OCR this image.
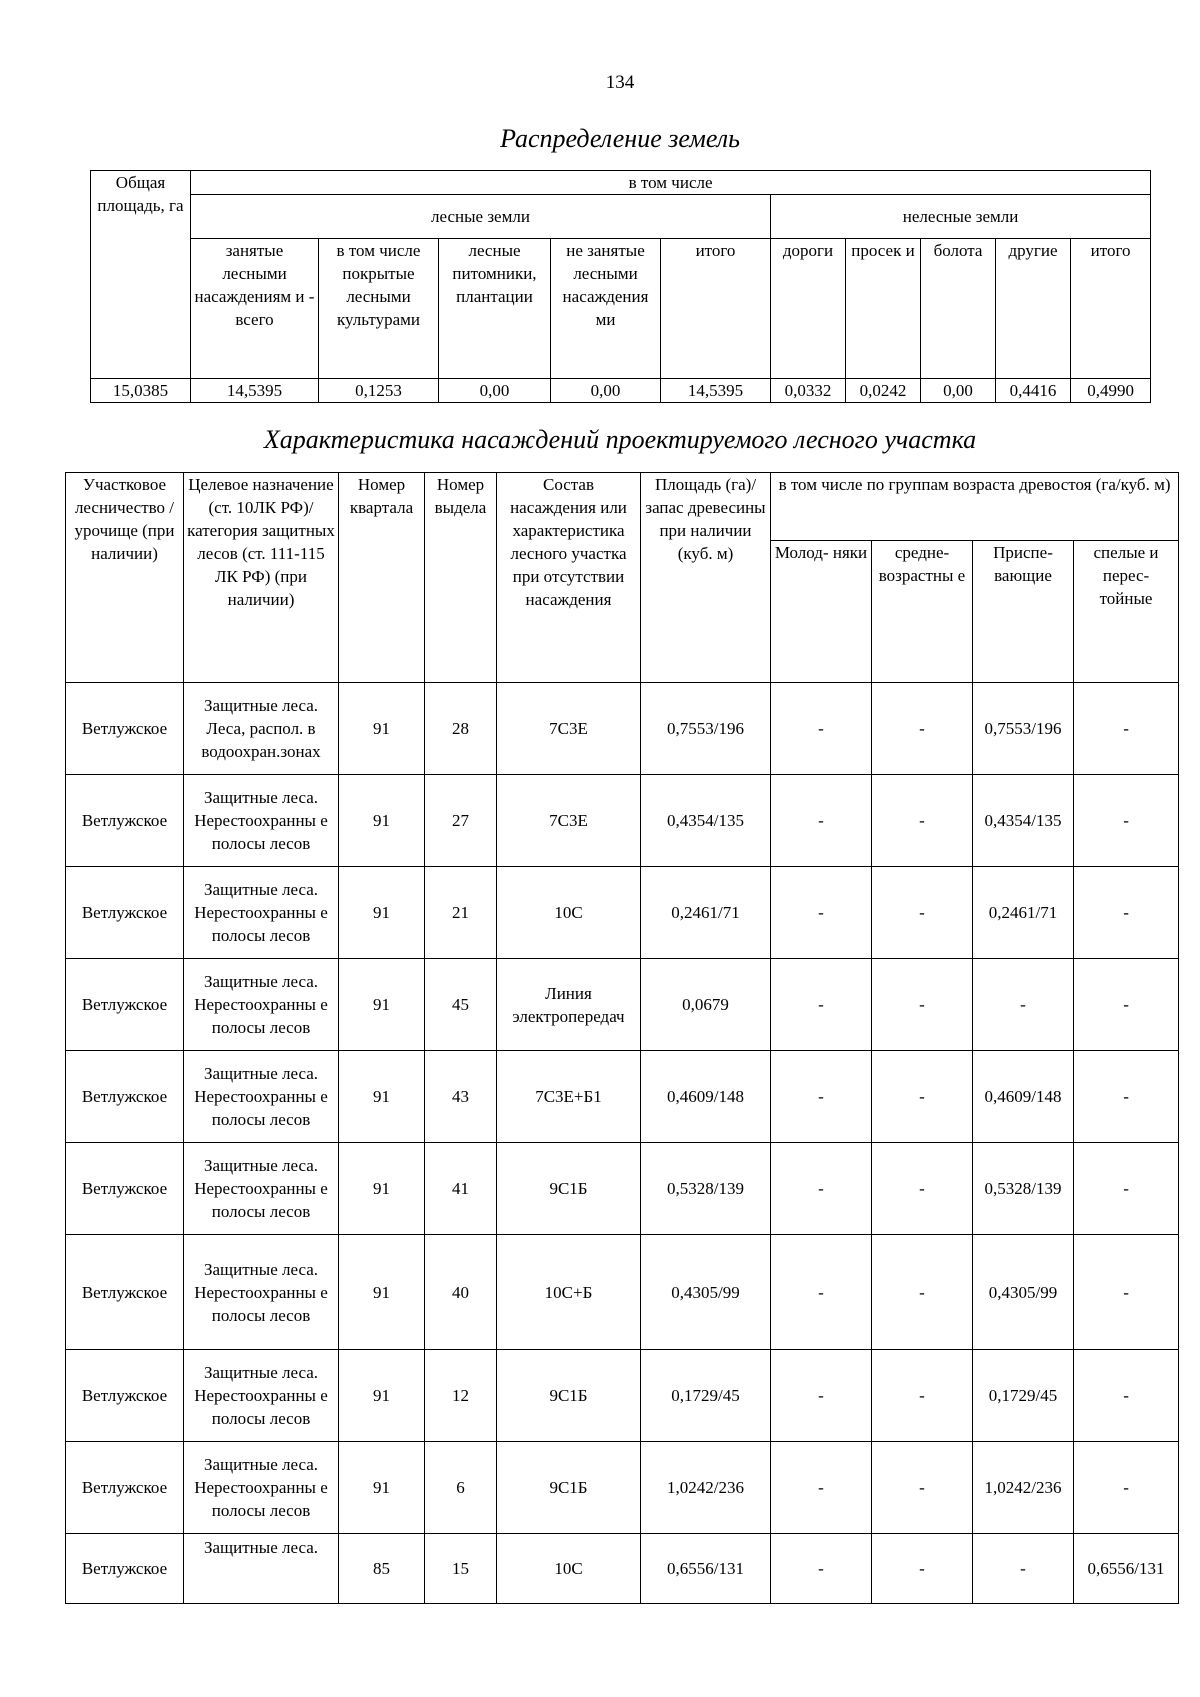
134
Распределение земель
Общая площадь, га	в том числе									
	лесные земли					нелесные земли				
	занятые лесными насаждениям и - всего	в том числе покрытые лесными культурами	лесные питомники, плантации	не занятые лесными насаждения ми	итого	дороги	просек и	болота	другие	итого
15,0385	14,5395	0,1253	0,00	0,00	14,5395	0,0332	0,0242	0,00	0,4416	0,4990
Характеристика насаждений проектируемого лесного участка
Участковое лесничество / урочище (при наличии)	Целевое назначение (ст. 10ЛК РФ)/ категория защитных лесов (ст. 111-115 ЛК РФ) (при наличии)	Номер квартала	Номер выдела	Состав насаждения или характеристика лесного участка при отсутствии насаждения	Площадь (га)/ запас древесины при наличии (куб. м)	в том числе по группам возраста древостоя (га/куб. м)			
						Молод- няки	средне- возрастны е	Приспе- вающие	спелые и перес- тойные
Ветлужское	Защитные леса. Леса, распол. в водоохран.зонах	91	28	7С3Е	0,7553/196	-	-	0,7553/196	-
Ветлужское	Защитные леса. Нерестоохранны е полосы лесов	91	27	7С3Е	0,4354/135	-	-	0,4354/135	-
Ветлужское	Защитные леса. Нерестоохранны е полосы лесов	91	21	10С	0,2461/71	-	-	0,2461/71	-
Ветлужское	Защитные леса. Нерестоохранны е полосы лесов	91	45	Линия электропередач	0,0679	-	-	-	-
Ветлужское	Защитные леса. Нерестоохранны е полосы лесов	91	43	7С3Е+Б1	0,4609/148	-	-	0,4609/148	-
Ветлужское	Защитные леса. Нерестоохранны е полосы лесов	91	41	9С1Б	0,5328/139	-	-	0,5328/139	-
Ветлужское	Защитные леса. Нерестоохранны е полосы лесов	91	40	10С+Б	0,4305/99	-	-	0,4305/99	-
Ветлужское	Защитные леса. Нерестоохранны е полосы лесов	91	12	9С1Б	0,1729/45	-	-	0,1729/45	-
Ветлужское	Защитные леса. Нерестоохранны е полосы лесов	91	6	9С1Б	1,0242/236	-	-	1,0242/236	-
Ветлужское	Защитные леса.	85	15	10С	0,6556/131	-	-	-	0,6556/131
